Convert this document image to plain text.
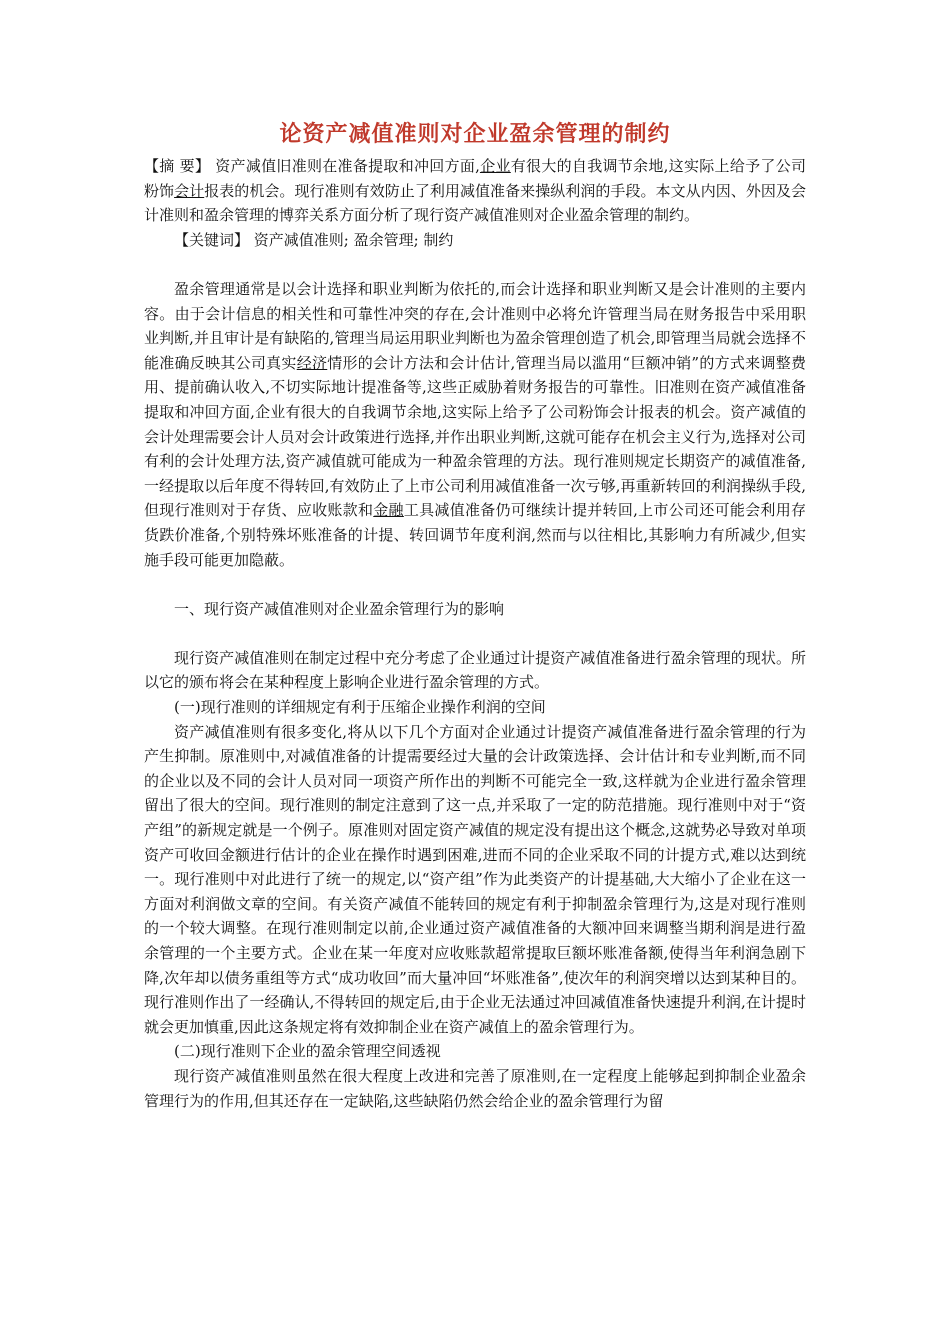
论资产减值准则对企业盈余管理的制约

【摘 要】 资产减值旧准则在准备提取和冲回方面,企业有很大的自我调节余地,这实际上给予了公司粉饰会计报表的机会。现行准则有效防止了利用减值准备来操纵利润的手段。本文从内因、外因及会计准则和盈余管理的博弈关系方面分析了现行资产减值准则对企业盈余管理的制约。

【关键词】 资产减值准则; 盈余管理; 制约

盈余管理通常是以会计选择和职业判断为依托的,而会计选择和职业判断又是会计准则的主要内容。由于会计信息的相关性和可靠性冲突的存在,会计准则中必将允许管理当局在财务报告中采用职业判断,并且审计是有缺陷的,管理当局运用职业判断也为盈余管理创造了机会,即管理当局就会选择不能准确反映其公司真实经济情形的会计方法和会计估计,管理当局以滥用“巨额冲销”的方式来调整费用、提前确认收入,不切实际地计提准备等,这些正威胁着财务报告的可靠性。旧准则在资产减值准备提取和冲回方面,企业有很大的自我调节余地,这实际上给予了公司粉饰会计报表的机会。资产减值的会计处理需要会计人员对会计政策进行选择,并作出职业判断,这就可能存在机会主义行为,选择对公司有利的会计处理方法,资产减值就可能成为一种盈余管理的方法。现行准则规定长期资产的减值准备,一经提取以后年度不得转回,有效防止了上市公司利用减值准备一次亏够,再重新转回的利润操纵手段,但现行准则对于存货、应收账款和金融工具减值准备仍可继续计提并转回,上市公司还可能会利用存货跌价准备,个别特殊坏账准备的计提、转回调节年度利润,然而与以往相比,其影响力有所减少,但实施手段可能更加隐蔽。

一、现行资产减值准则对企业盈余管理行为的影响

现行资产减值准则在制定过程中充分考虑了企业通过计提资产减值准备进行盈余管理的现状。所以它的颁布将会在某种程度上影响企业进行盈余管理的方式。

(一)现行准则的详细规定有利于压缩企业操作利润的空间

资产减值准则有很多变化,将从以下几个方面对企业通过计提资产减值准备进行盈余管理的行为产生抑制。原准则中,对减值准备的计提需要经过大量的会计政策选择、会计估计和专业判断,而不同的企业以及不同的会计人员对同一项资产所作出的判断不可能完全一致,这样就为企业进行盈余管理留出了很大的空间。现行准则的制定注意到了这一点,并采取了一定的防范措施。现行准则中对于“资产组”的新规定就是一个例子。原准则对固定资产减值的规定没有提出这个概念,这就势必导致对单项资产可收回金额进行估计的企业在操作时遇到困难,进而不同的企业采取不同的计提方式,难以达到统一。现行准则中对此进行了统一的规定,以“资产组”作为此类资产的计提基础,大大缩小了企业在这一方面对利润做文章的空间。有关资产减值不能转回的规定有利于抑制盈余管理行为,这是对现行准则的一个较大调整。在现行准则制定以前,企业通过资产减值准备的大额冲回来调整当期利润是进行盈余管理的一个主要方式。企业在某一年度对应收账款超常提取巨额坏账准备额,使得当年利润急剧下降,次年却以债务重组等方式“成功收回”而大量冲回“坏账准备”,使次年的利润突增以达到某种目的。现行准则作出了一经确认,不得转回的规定后,由于企业无法通过冲回减值准备快速提升利润,在计提时就会更加慎重,因此这条规定将有效抑制企业在资产减值上的盈余管理行为。

(二)现行准则下企业的盈余管理空间透视

现行资产减值准则虽然在很大程度上改进和完善了原准则,在一定程度上能够起到抑制企业盈余管理行为的作用,但其还存在一定缺陷,这些缺陷仍然会给企业的盈余管理行为留
